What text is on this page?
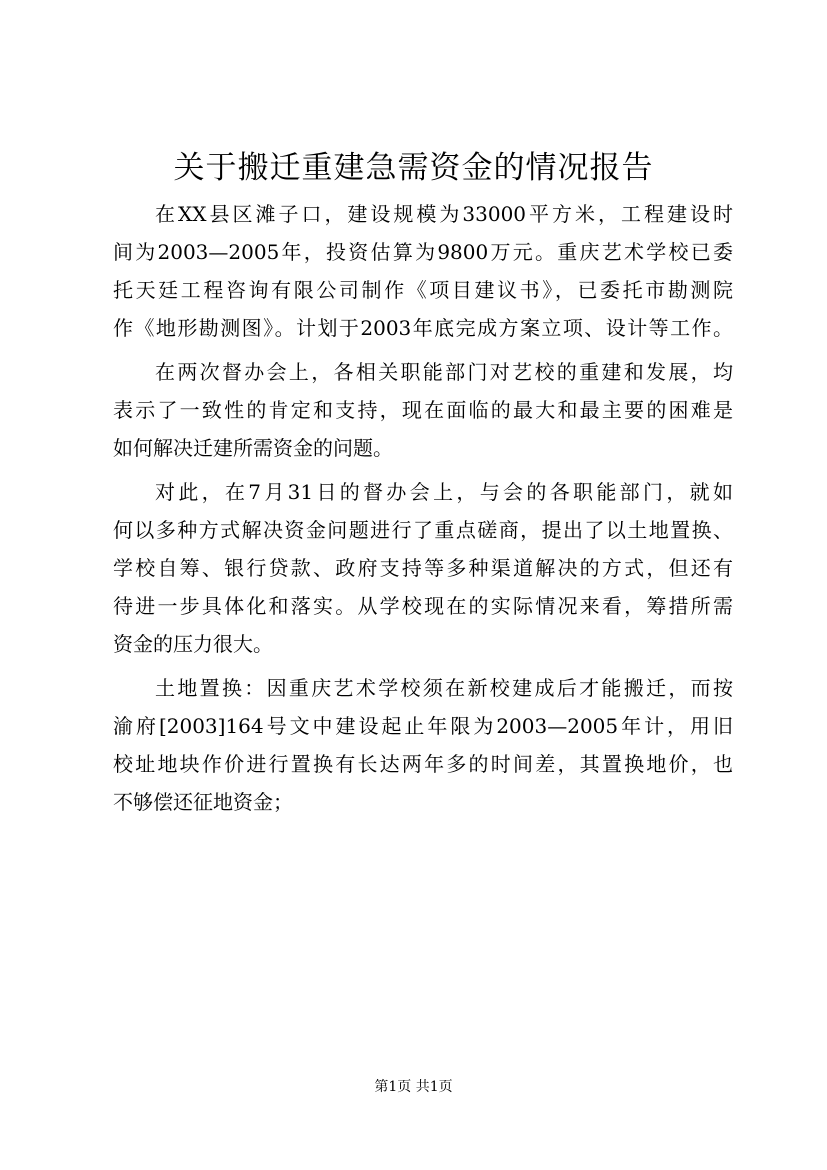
关于搬迁重建急需资金的情况报告
在XX县区滩子口，建设规模为33000平方米，工程建设时
间为2003—2005年，投资估算为9800万元。重庆艺术学校已委
托天廷工程咨询有限公司制作《项目建议书》，已委托市勘测院
作《地形勘测图》。计划于2003年底完成方案立项、设计等工作。
在两次督办会上，各相关职能部门对艺校的重建和发展，均
表示了一致性的肯定和支持，现在面临的最大和最主要的困难是
如何解决迁建所需资金的问题。
对此，在7月31日的督办会上，与会的各职能部门，就如
何以多种方式解决资金问题进行了重点磋商，提出了以土地置换、
学校自筹、银行贷款、政府支持等多种渠道解决的方式，但还有
待进一步具体化和落实。从学校现在的实际情况来看，筹措所需
资金的压力很大。
土地置换：因重庆艺术学校须在新校建成后才能搬迁，而按
渝府[2003]164号文中建设起止年限为2003—2005年计，用旧
校址地块作价进行置换有长达两年多的时间差，其置换地价，也
不够偿还征地资金；
第1页 共1页
